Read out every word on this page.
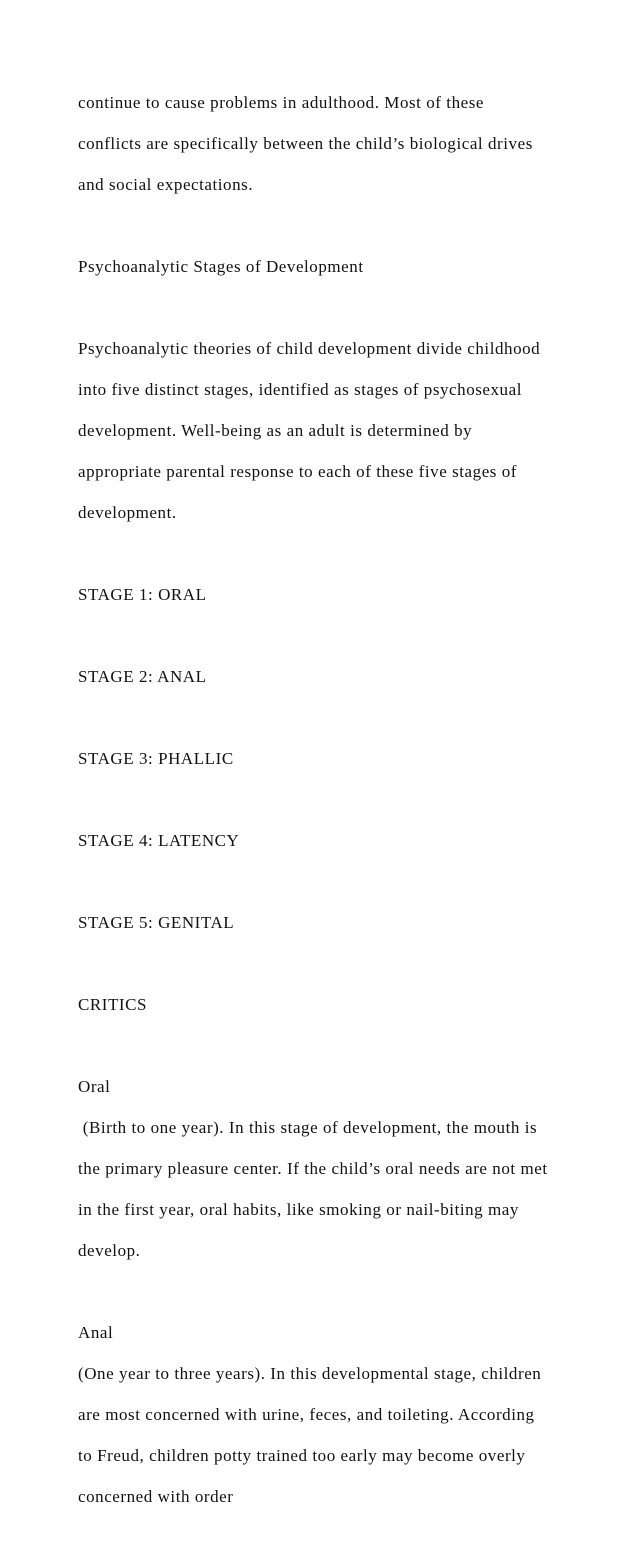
continue to cause problems in adulthood. Most of these

conflicts are specifically between the child’s biological drives

and social expectations.

Psychoanalytic Stages of Development

Psychoanalytic theories of child development divide childhood

into five distinct stages, identified as stages of psychosexual

development. Well-being as an adult is determined by

appropriate parental response to each of these five stages of

development.

STAGE 1: ORAL

STAGE 2: ANAL

STAGE 3: PHALLIC

STAGE 4: LATENCY

STAGE 5: GENITAL

CRITICS

Oral

(Birth to one year). In this stage of development, the mouth is

the primary pleasure center. If the child’s oral needs are not met

in the first year, oral habits, like smoking or nail-biting may

develop.

Anal

(One year to three years). In this developmental stage, children

are most concerned with urine, feces, and toileting. According

to Freud, children potty trained too early may become overly

concerned with order
